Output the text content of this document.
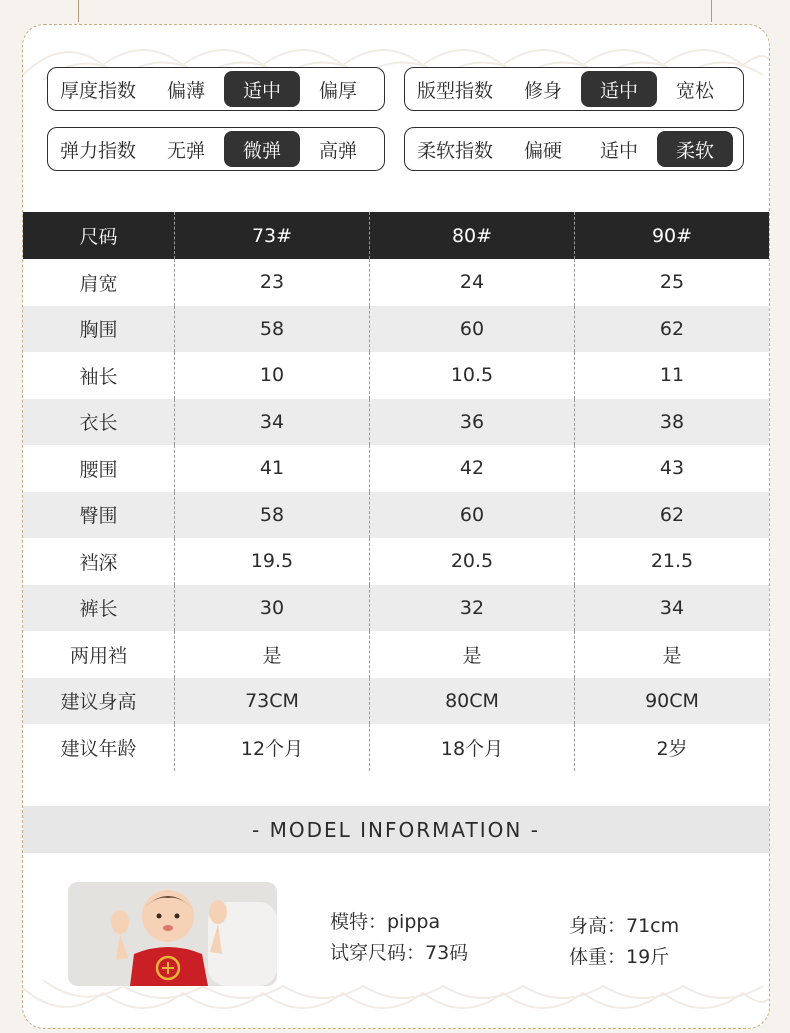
厚度指数	偏薄	适中	偏厚	版型指数	修身	适中	宽松
弹力指数	无弹	微弹	高弹	柔软指数	偏硬	适中	柔软
尺码	73#	80#	90#
肩宽	23	24	25
胸围	58	60	62
袖长	10	10.5	11
衣长	34	36	38
腰围	41	42	43
臀围	58	60	62
裆深	19.5	20.5	21.5
裤长	30	32	34
两用裆	是	是	是
建议身高	73CM	80CM	90CM
建议年龄	12个月	18个月	2岁
- MODEL INFORMATION -
模特：pippa
试穿尺码：73码
身高：71cm
体重：19斤
